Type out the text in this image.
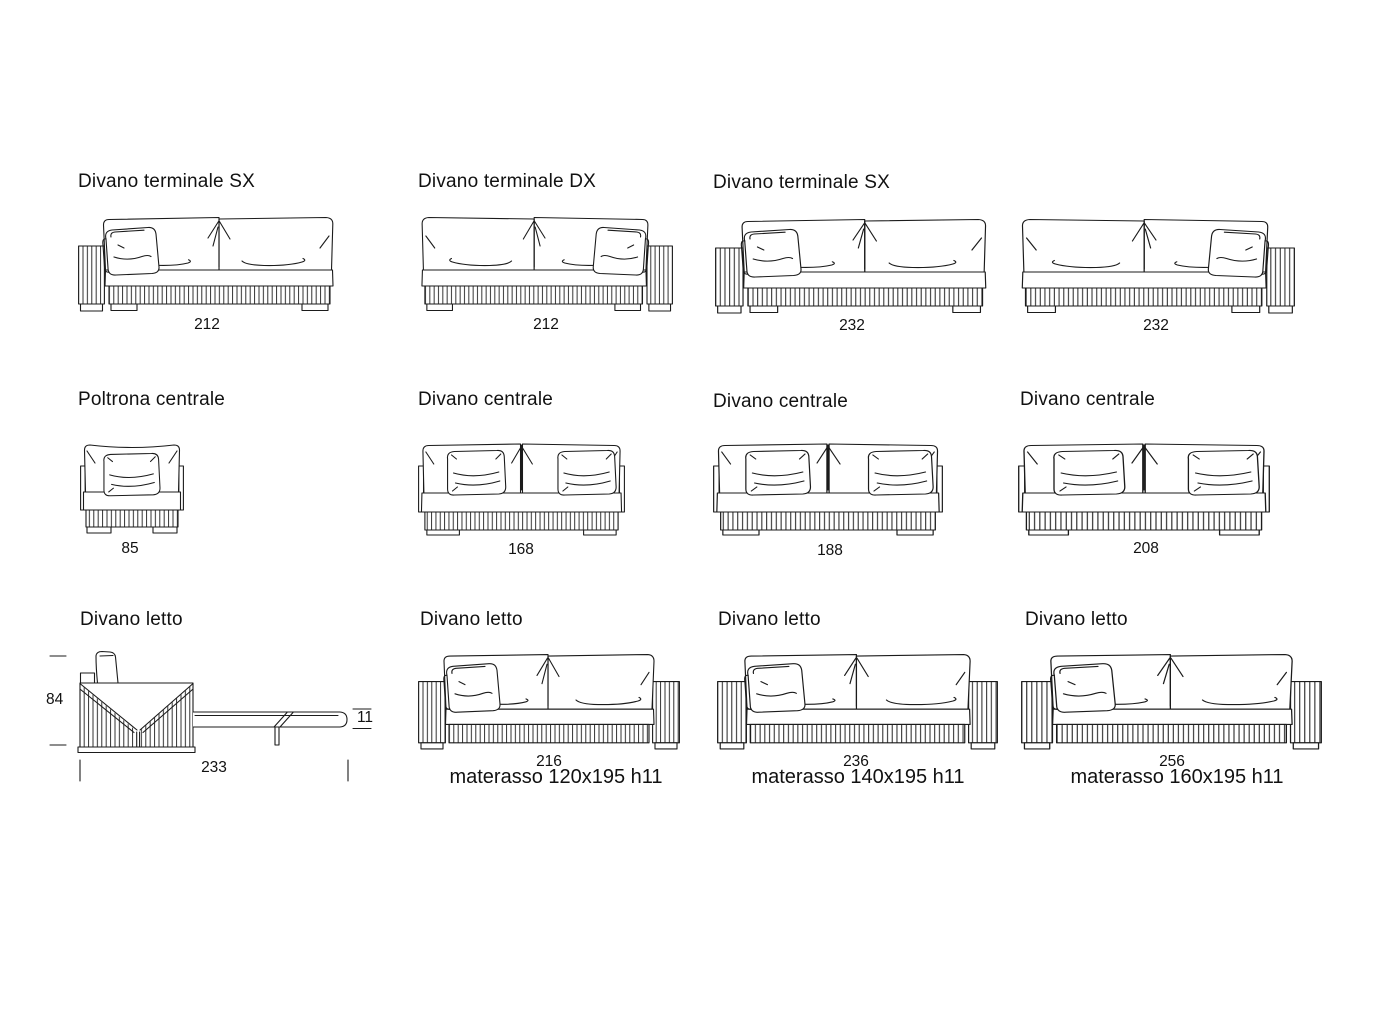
Divano terminale SX
212
Divano terminale DX
212
Divano terminale SX
232	232
Poltrona centrale
85
Divano centrale
168
Divano centrale
188
Divano centrale
208
Divano letto
84
233
11
Divano letto
216
materasso 120x195 h11
Divano letto
236
materasso 140x195 h11
Divano letto
256
materasso 160x195 h11
